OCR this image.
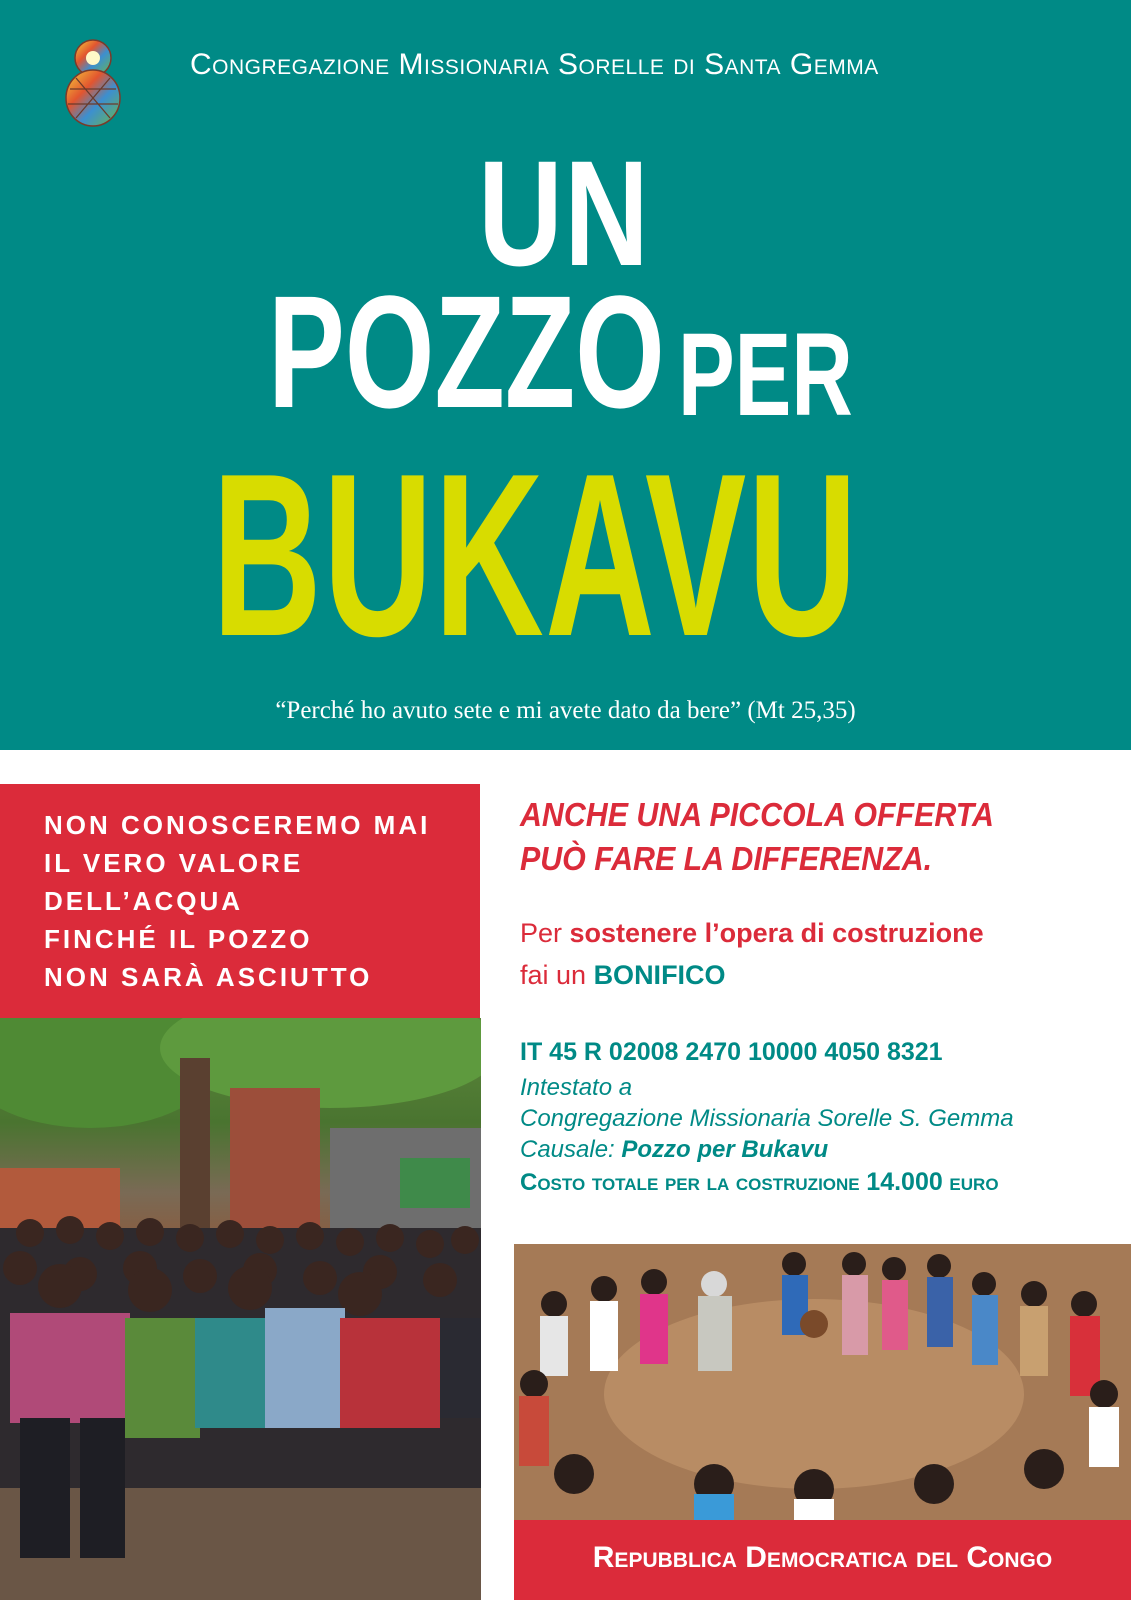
Congregazione Missionaria Sorelle di Santa Gemma
UN
POZZO PER
BUKAVU
“Perché ho avuto sete e mi avete dato da bere” (Mt 25,35)
NON CONOSCEREMO MAI
IL VERO VALORE
DELL’ACQUA
FINCHÉ IL POZZO
NON SARÀ ASCIUTTO
ANCHE UNA PICCOLA OFFERTA
PUÒ FARE LA DIFFERENZA.
Per sostenere l’opera di costruzione
fai un BONIFICO
IT 45 R 02008 2470 10000 4050 8321
Intestato a
Congregazione Missionaria Sorelle S. Gemma
Causale: Pozzo per Bukavu
Costo totale per la costruzione 14.000 euro
Repubblica Democratica del Congo
